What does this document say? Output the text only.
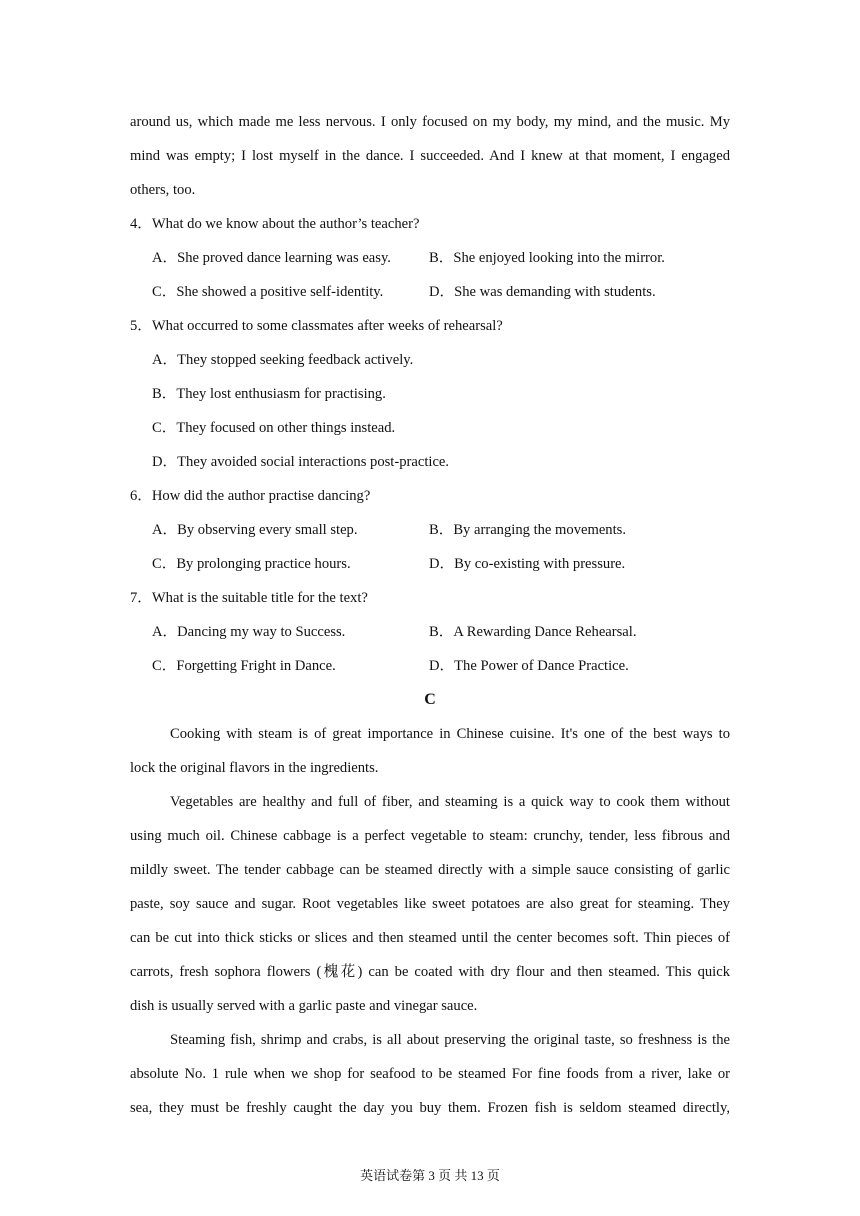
around us, which made me less nervous. I only focused on my body, my mind, and the music. My

mind was empty; I lost myself in the dance. I succeeded. And I knew at that moment, I engaged

others, too.

4．What do we know about the author’s teacher?

A．She proved dance learning was easy.	B．She enjoyed looking into the mirror.
C．She showed a positive self-identity.	D．She was demanding with students.

5．What occurred to some classmates after weeks of rehearsal?

A．They stopped seeking feedback actively.

B．They lost enthusiasm for practising.

C．They focused on other things instead.

D．They avoided social interactions post-practice.

6．How did the author practise dancing?

A．By observing every small step.	B．By arranging the movements.
C．By prolonging practice hours.	D．By co-existing with pressure.

7．What is the suitable title for the text?

A．Dancing my way to Success.	B．A Rewarding Dance Rehearsal.
C．Forgetting Fright in Dance.	D．The Power of Dance Practice.
C

Cooking with steam is of great importance in Chinese cuisine. It's one of the best ways to

lock the original flavors in the ingredients.

Vegetables are healthy and full of fiber, and steaming is a quick way to cook them without

using much oil. Chinese cabbage is a perfect vegetable to steam: crunchy, tender, less fibrous and

mildly sweet. The tender cabbage can be steamed directly with a simple sauce consisting of garlic

paste, soy sauce and sugar. Root vegetables like sweet potatoes are also great for steaming. They

can be cut into thick sticks or slices and then steamed until the center becomes soft. Thin pieces of

carrots, fresh sophora flowers (槐花) can be coated with dry flour and then steamed. This quick

dish is usually served with a garlic paste and vinegar sauce.

Steaming fish, shrimp and crabs, is all about preserving the original taste, so freshness is the

absolute No. 1 rule when we shop for seafood to be steamed For fine foods from a river, lake or

sea, they must be freshly caught the day you buy them. Frozen fish is seldom steamed directly,

英语试卷第 3 页 共 13 页
